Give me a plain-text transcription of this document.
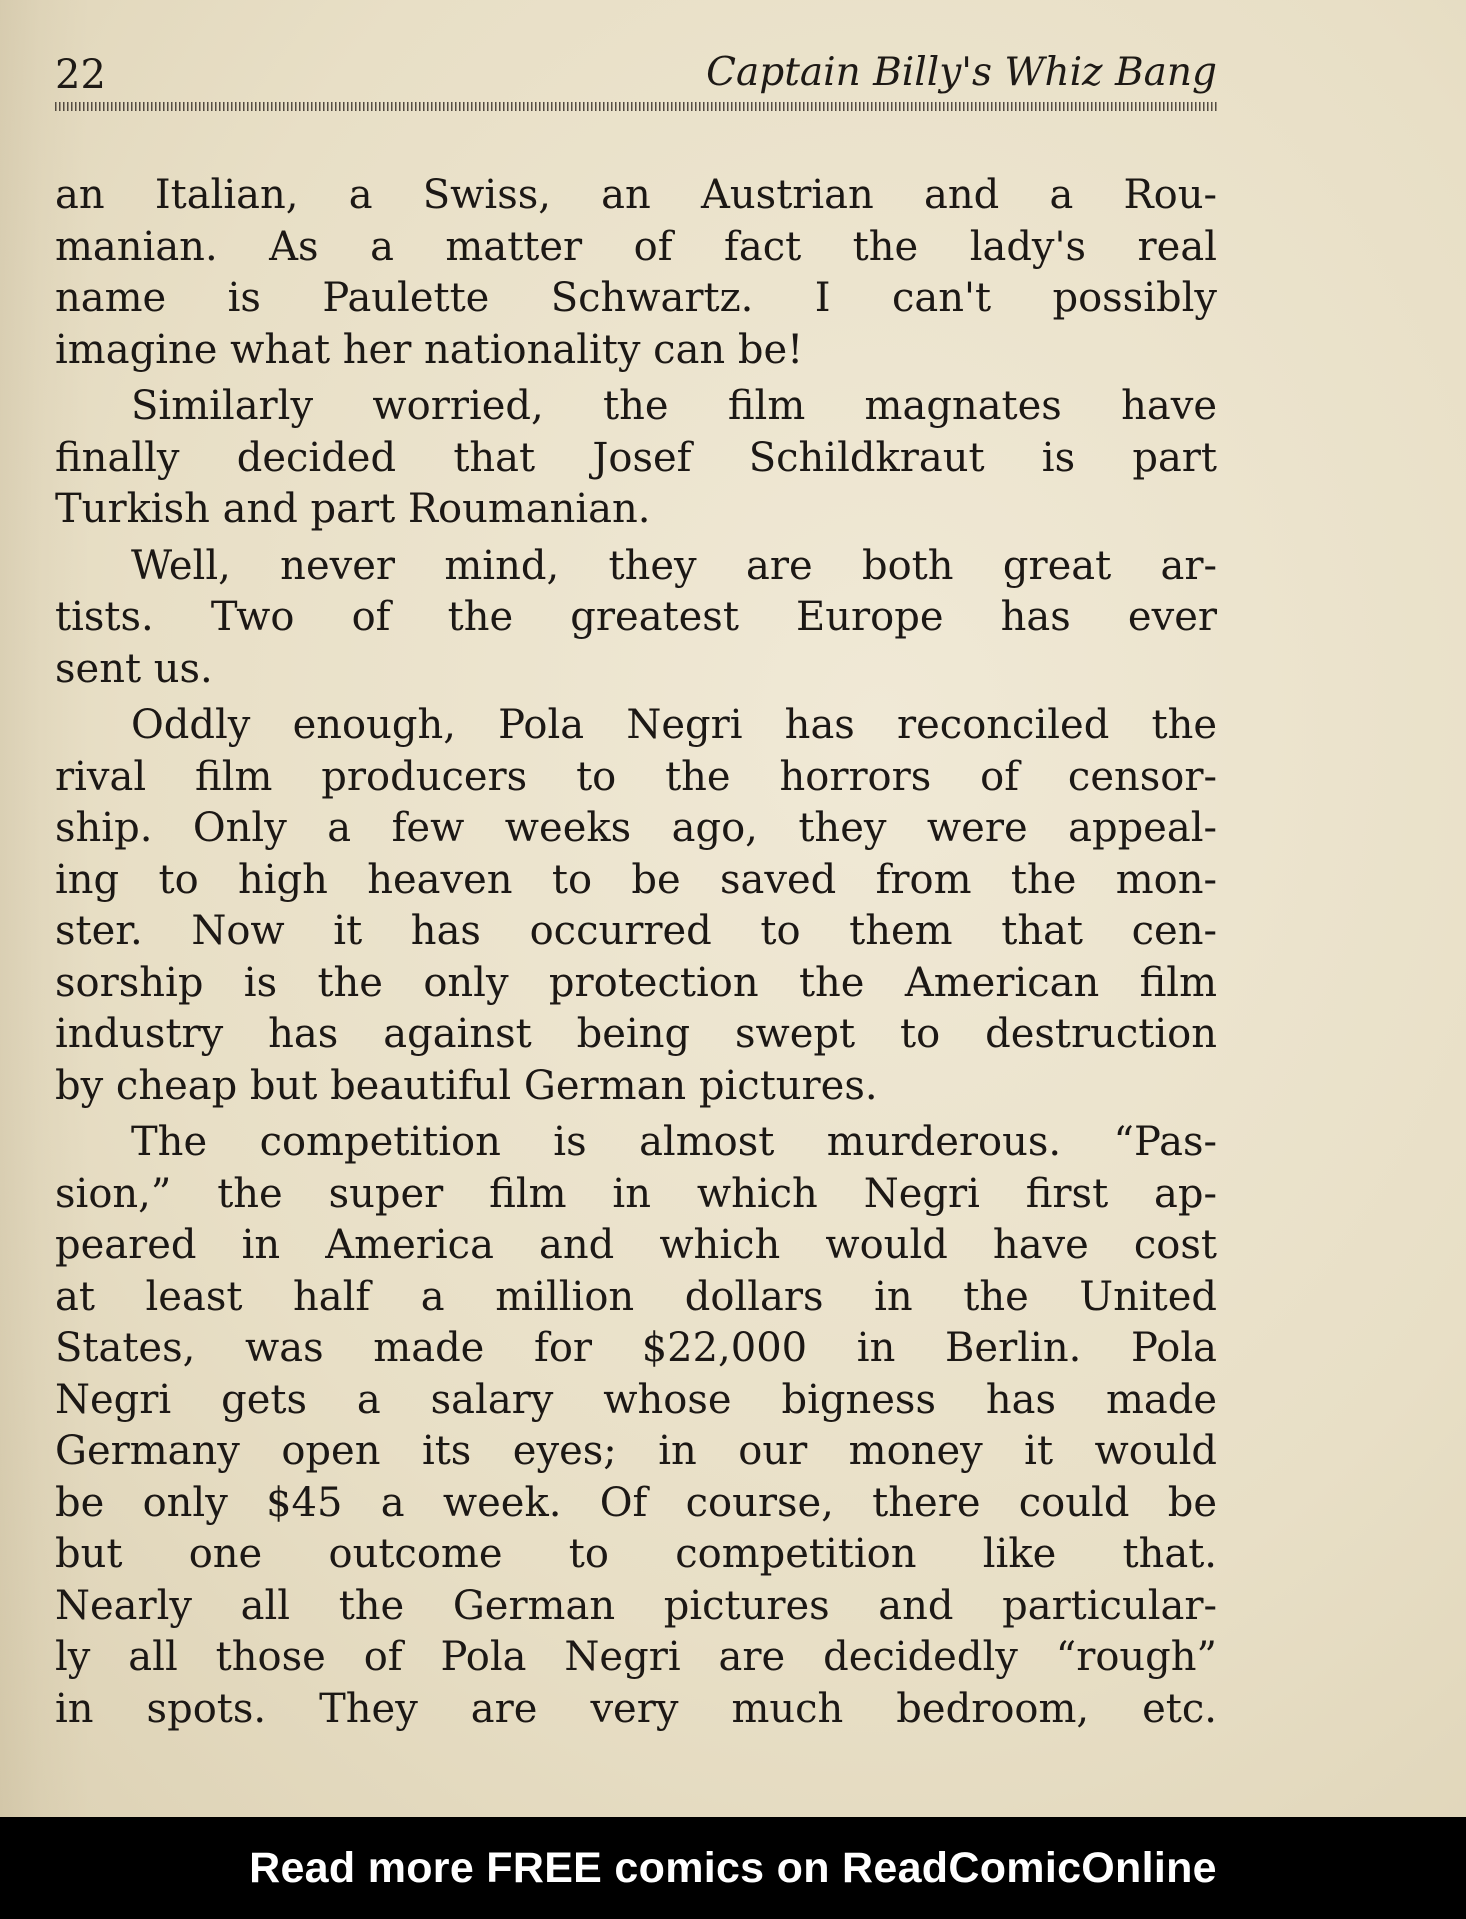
22	Captain Billy's Whiz Bang
an Italian, a Swiss, an Austrian and a Rou-
manian. As a matter of fact the lady's real
name is Paulette Schwartz. I can't possibly
imagine what her nationality can be!
Similarly worried, the film magnates have
finally decided that Josef Schildkraut is part
Turkish and part Roumanian.
Well, never mind, they are both great ar-
tists. Two of the greatest Europe has ever
sent us.
Oddly enough, Pola Negri has reconciled the
rival film producers to the horrors of censor-
ship. Only a few weeks ago, they were appeal-
ing to high heaven to be saved from the mon-
ster. Now it has occurred to them that cen-
sorship is the only protection the American film
industry has against being swept to destruction
by cheap but beautiful German pictures.
The competition is almost murderous. “Pas-
sion,” the super film in which Negri first ap-
peared in America and which would have cost
at least half a million dollars in the United
States, was made for $22,000 in Berlin. Pola
Negri gets a salary whose bigness has made
Germany open its eyes; in our money it would
be only $45 a week. Of course, there could be
but one outcome to competition like that.
Nearly all the German pictures and particular-
ly all those of Pola Negri are decidedly “rough”
in spots. They are very much bedroom, etc.
Read more FREE comics on ReadComicOnline
